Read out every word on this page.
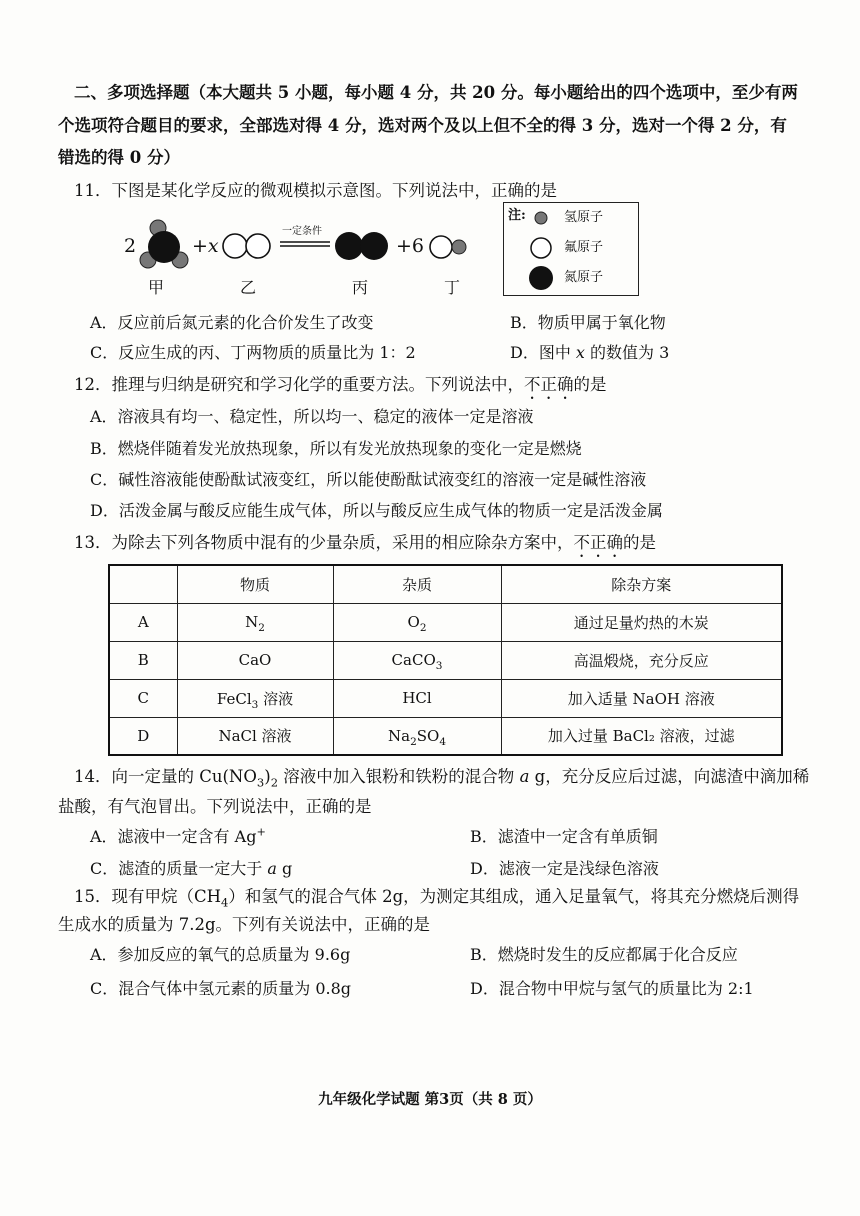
二、多项选择题（本大题共 5 小题，每小题 4 分，共 20 分。每小题给出的四个选项中，至少有两
个选项符合题目的要求，全部选对得 4 分，选对两个及以上但不全的得 3 分，选对一个得 2 分，有
错选的得 0 分）
11．下图是某化学反应的微观模拟示意图。下列说法中，正确的是
2	+x
一定条件
+6
甲	乙	丙	丁
注:	氢原子
氟原子
氮原子
A．反应前后氮元素的化合价发生了改变	B．物质甲属于氧化物
C．反应生成的丙、丁两物质的质量比为 1：2	D．图中 x 的数值为 3
12．推理与归纳是研究和学习化学的重要方法。下列说法中，不正确的是
A．溶液具有均一、稳定性，所以均一、稳定的液体一定是溶液
B．燃烧伴随着发光放热现象，所以有发光放热现象的变化一定是燃烧
C．碱性溶液能使酚酞试液变红，所以能使酚酞试液变红的溶液一定是碱性溶液
D．活泼金属与酸反应能生成气体，所以与酸反应生成气体的物质一定是活泼金属
13．为除去下列各物质中混有的少量杂质，采用的相应除杂方案中，不正确的是
	物质	杂质	除杂方案
A	$N_2$	$O_2$	通过足量灼热的木炭
B	CaO	CaCO$_3$	高温煅烧，充分反应
C	FeCl$_3$ 溶液	HCl	加入适量 NaOH 溶液
D	NaCl 溶液	$Na_2SO_4$	加入过量 BaCl₂ 溶液，过滤
14．向一定量的 $Cu(NO_3)_2$ 溶液中加入银粉和铁粉的混合物 a g，充分反应后过滤，向滤渣中滴加稀
盐酸，有气泡冒出。下列说法中，正确的是
A．滤液中一定含有 Ag+	B．滤渣中一定含有单质铜
C．滤渣的质量一定大于 a g	D．滤液一定是浅绿色溶液
15．现有甲烷$(CH_4)$和氢气的混合气体 2g，为测定其组成，通入足量氧气，将其充分燃烧后测得
生成水的质量为 7.2g。下列有关说法中，正确的是
A．参加反应的氧气的总质量为 9.6g	B．燃烧时发生的反应都属于化合反应
C．混合气体中氢元素的质量为 0.8g	D．混合物中甲烷与氢气的质量比为 2:1
九年级化学试题 第3页（共 8 页）
